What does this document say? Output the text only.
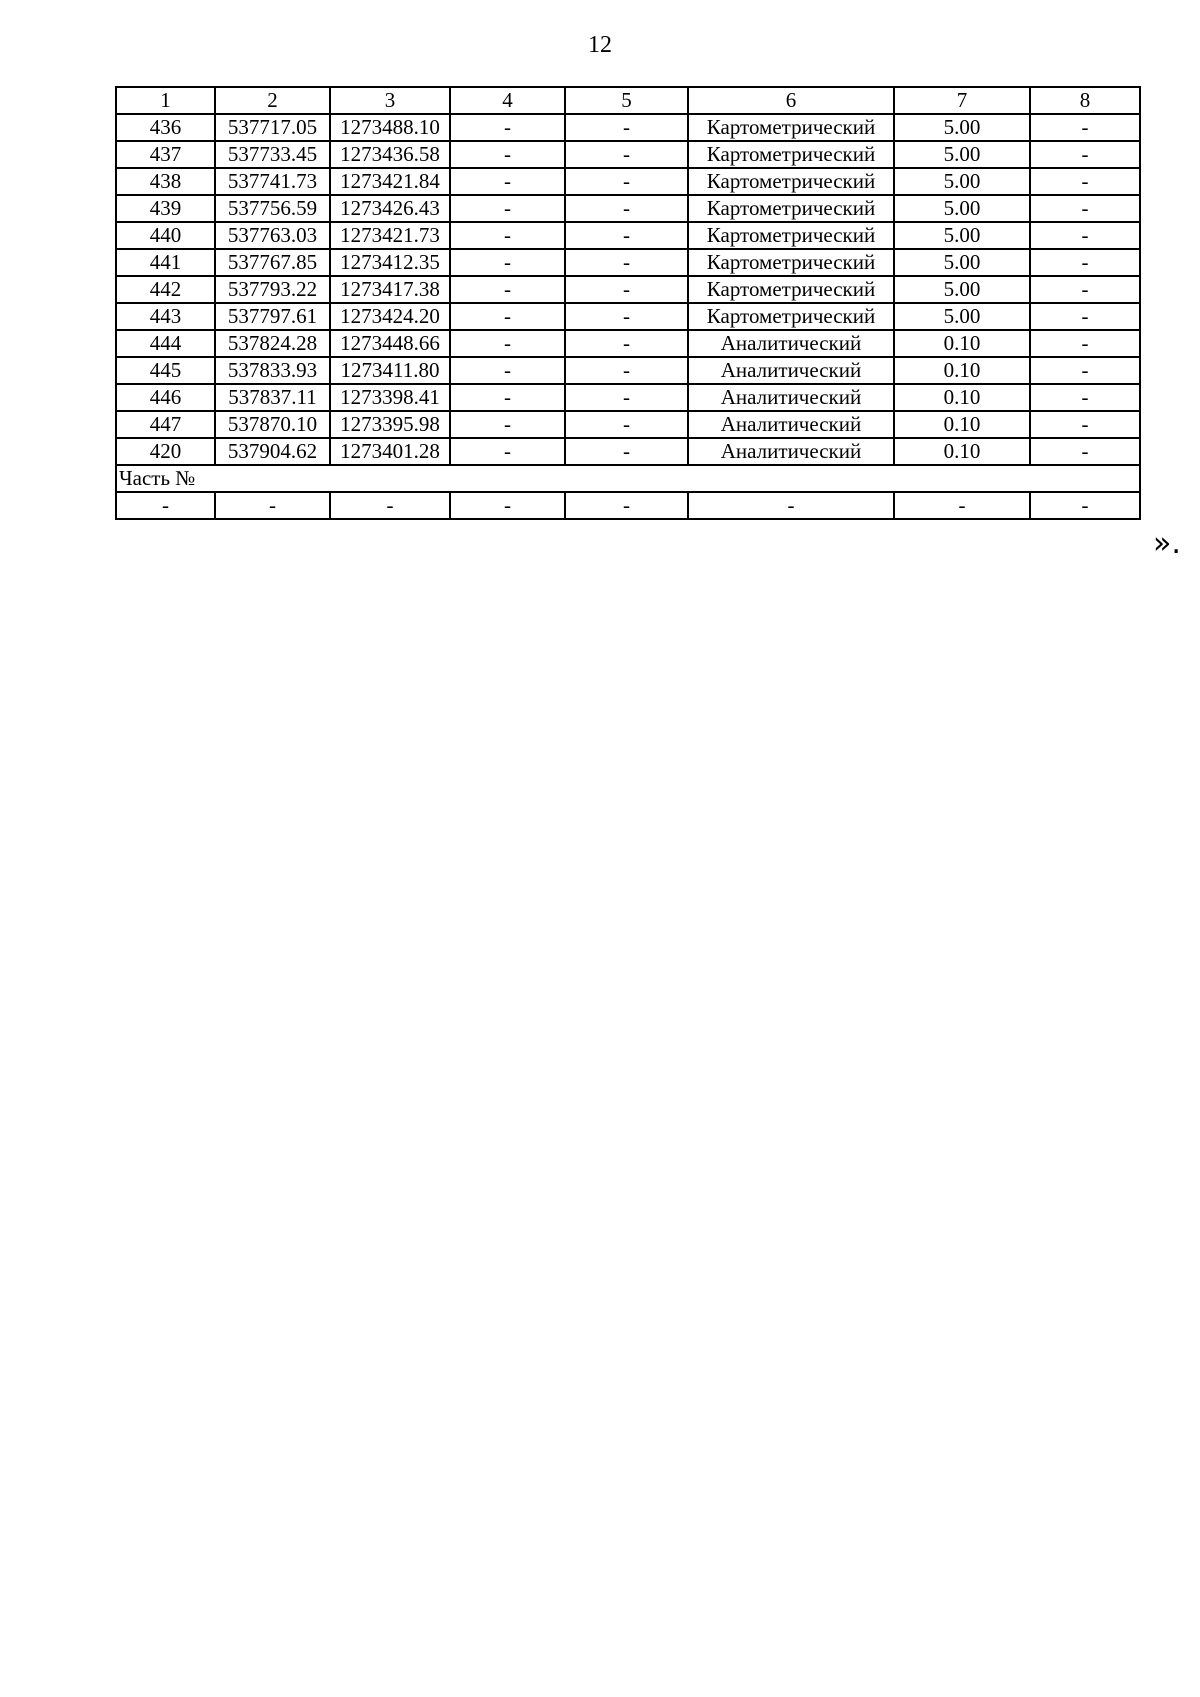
12
1	2	3	4	5	6	7	8
436	537717.05	1273488.10	-	-	Картометрический	5.00	-
437	537733.45	1273436.58	-	-	Картометрический	5.00	-
438	537741.73	1273421.84	-	-	Картометрический	5.00	-
439	537756.59	1273426.43	-	-	Картометрический	5.00	-
440	537763.03	1273421.73	-	-	Картометрический	5.00	-
441	537767.85	1273412.35	-	-	Картометрический	5.00	-
442	537793.22	1273417.38	-	-	Картометрический	5.00	-
443	537797.61	1273424.20	-	-	Картометрический	5.00	-
444	537824.28	1273448.66	-	-	Аналитический	0.10	-
445	537833.93	1273411.80	-	-	Аналитический	0.10	-
446	537837.11	1273398.41	-	-	Аналитический	0.10	-
447	537870.10	1273395.98	-	-	Аналитический	0.10	-
420	537904.62	1273401.28	-	-	Аналитический	0.10	-
Часть №							
-	-	-	-	-	-	-	-
».
